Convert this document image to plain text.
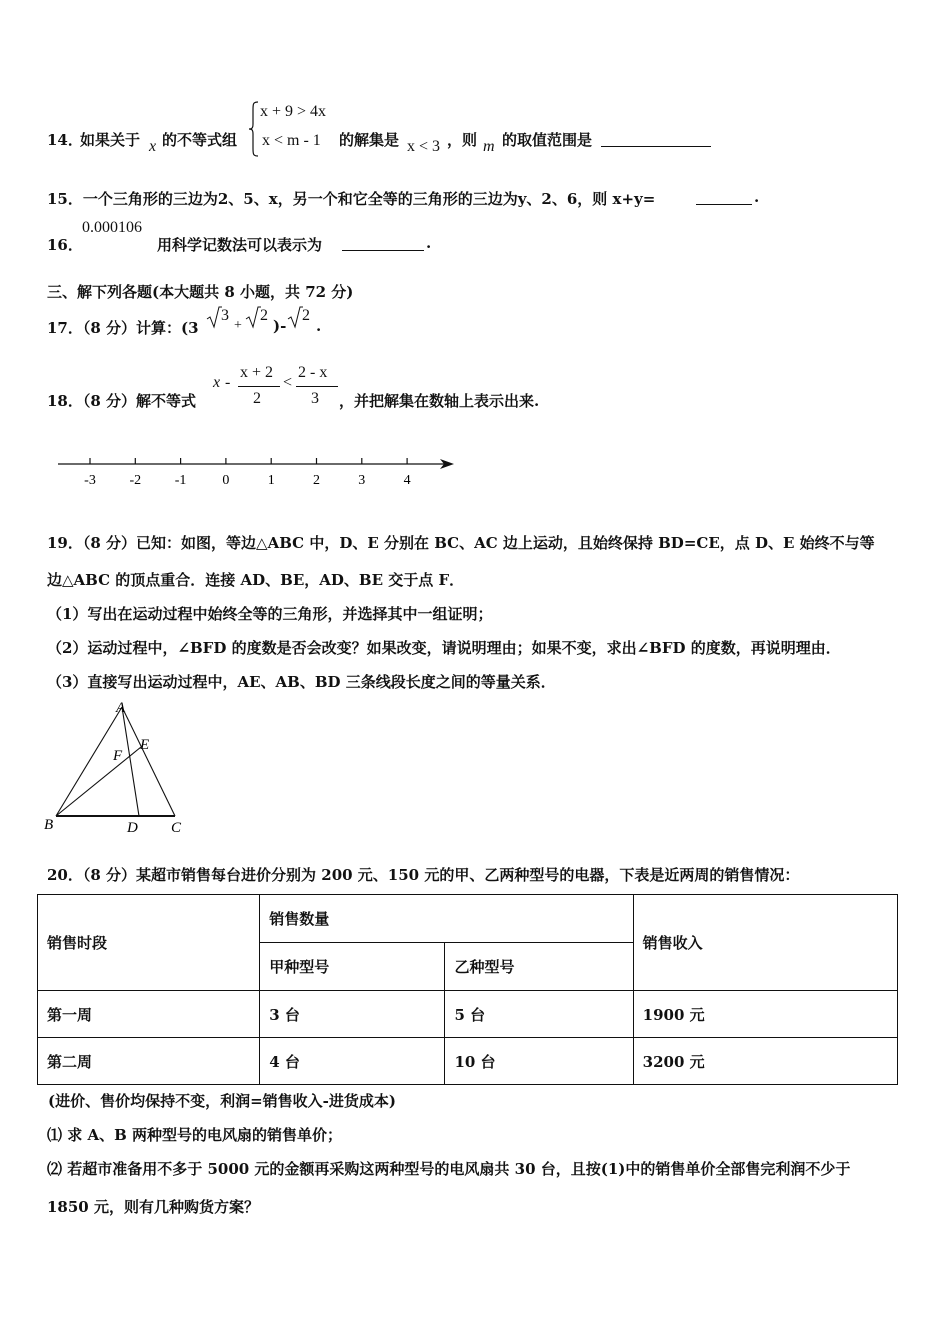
14．
如果关于 x 的不等式组
x + 9 > 4x
x < m - 1 的解集是 x < 3 ，则 m 的取值范围是
15．一个三角形的三边为2、5、x，另一个和它全等的三角形的三边为y、2、6，则 x+y=	.
16．
0.000106
用科学记数法可以表示为	.
三、解下列各题(本大题共 8 小题，共 72 分)
17．（8 分）计算：(3
3
+
2
)-
2
.
18．（8 分）解不等式
x -
x + 2
2
<
2 - x
3 ，并把解集在数轴上表示出来.
-3 -2 -1	0	1	2	3	4
19．（8 分）已知：如图，等边△ABC 中，D、E 分别在 BC、AC 边上运动，且始终保持 BD=CE，点 D、E 始终不与等
边△ABC 的顶点重合．连接 AD、BE，AD、BE 交于点 F．
（1）写出在运动过程中始终全等的三角形，并选择其中一组证明；
（2）运动过程中，∠BFD 的度数是否会改变？如果改变，请说明理由；如果不变，求出∠BFD 的度数，再说明理由．
（3）直接写出运动过程中，AE、AB、BD 三条线段长度之间的等量关系．
A
B	C
D
E
F
20．（8 分）某超市销售每台进价分别为 200 元、150 元的甲、乙两种型号的电器，下表是近两周的销售情况：
销售时段	销售数量		销售收入
	甲种型号	乙种型号	
第一周	3 台	5 台	1900 元
第二周	4 台	10 台	3200 元
(进价、售价均保持不变，利润=销售收入-进货成本)
⑴ 求 A、B 两种型号的电风扇的销售单价；
⑵ 若超市准备用不多于 5000 元的金额再采购这两种型号的电风扇共 30 台，且按(1)中的销售单价全部售完利润不少于
1850 元，则有几种购货方案？
